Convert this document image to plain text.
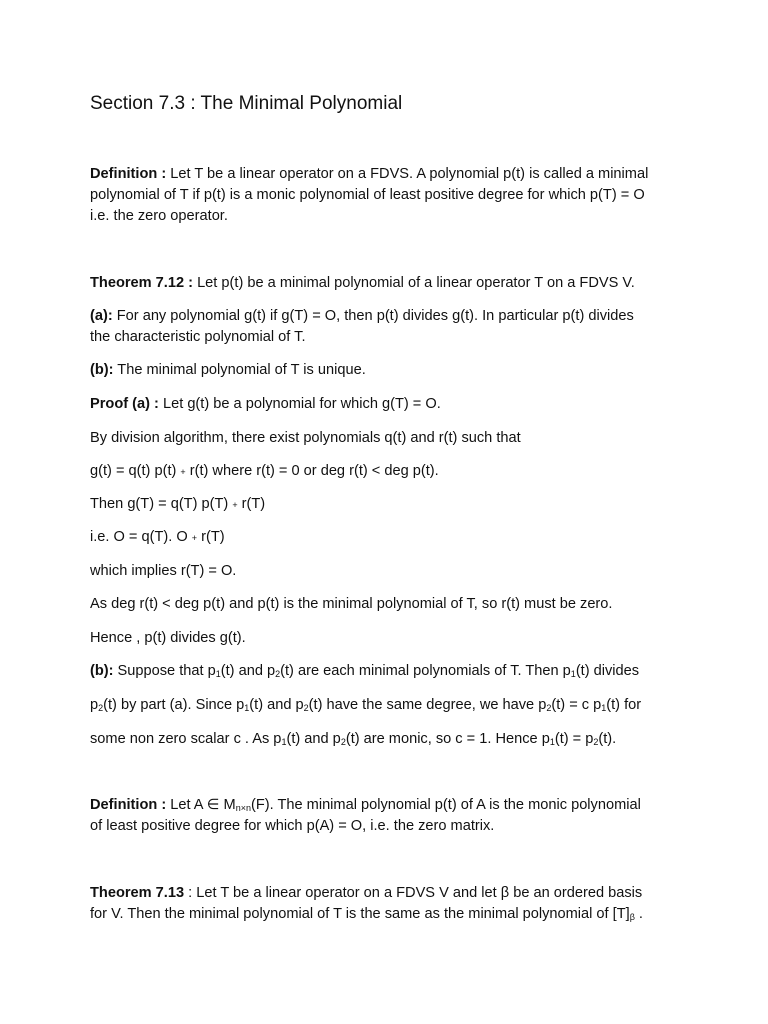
Section 7.3 : The Minimal Polynomial

Definition : Let T be a linear operator on a FDVS. A polynomial p(t) is called a minimal

polynomial of T if p(t) is a monic polynomial of least positive degree for which p(T) = O

i.e. the zero operator.

Theorem 7.12 : Let p(t) be a minimal polynomial of a linear operator T on a FDVS V.

(a): For any polynomial g(t) if g(T) = O, then p(t) divides g(t). In particular p(t) divides

the characteristic polynomial of T.

(b): The minimal polynomial of T is unique.

Proof (a) : Let g(t) be a polynomial for which g(T) = O.

By division algorithm, there exist polynomials q(t) and r(t) such that

g(t) = q(t) p(t) + r(t) where r(t) = 0 or deg r(t) < deg p(t).

Then g(T) = q(T) p(T) + r(T)

i.e. O = q(T). O + r(T)

which implies r(T) = O.

As deg r(t) < deg p(t) and p(t) is the minimal polynomial of T, so r(t) must be zero.

Hence , p(t) divides g(t).

(b): Suppose that $p_1(t)$ and $p_2(t)$ are each minimal polynomials of T. Then $p_1(t)$ divides

$p_2(t)$ by part (a). Since $p_1(t)$ and $p_2(t)$ have the same degree, we have $p_2(t) = c$ $p_1(t)$ for

some non zero scalar c . As $p_1(t)$ and $p_2(t)$ are monic, so c = 1. Hence $p_1(t) = p_2(t)$.

Definition : Let A ∈ $M_{n\times n}(F)$. The minimal polynomial p(t) of A is the monic polynomial

of least positive degree for which p(A) = O, i.e. the zero matrix.

Theorem 7.13 : Let T be a linear operator on a FDVS V and let β be an ordered basis

for V. Then the minimal polynomial of T is the same as the minimal polynomial of $[T]_\beta$ .
